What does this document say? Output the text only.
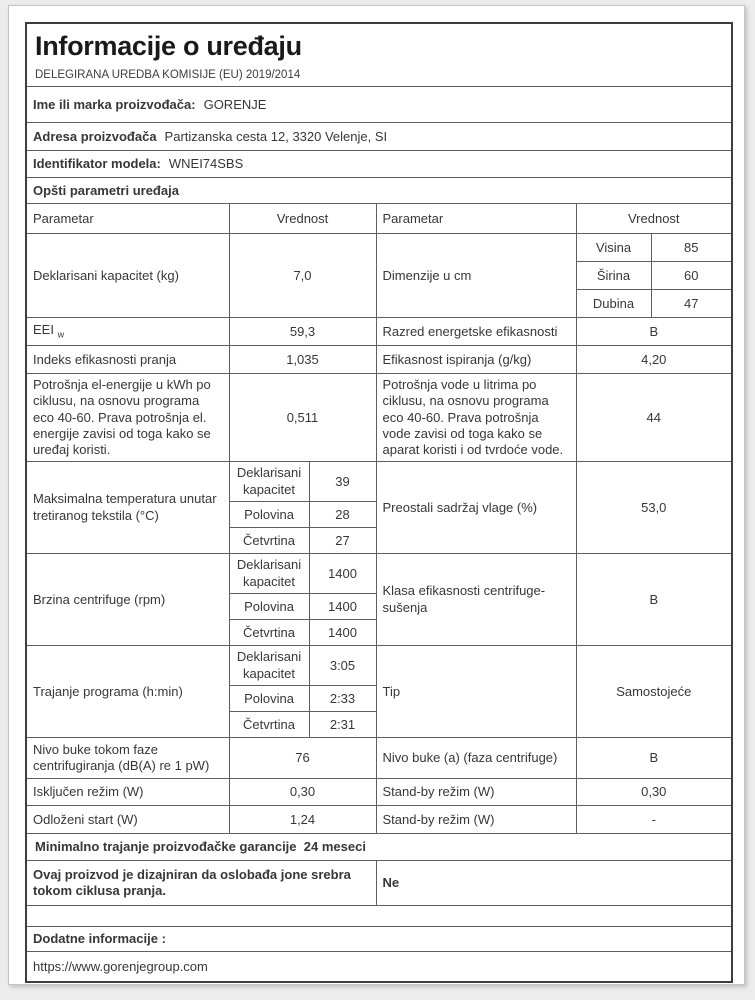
Informacije o uređaju
DELEGIRANA UREDBA KOMISIJE (EU) 2019/2014					

Ime ili marka proizvođača: GORENJE					
Adresa proizvođača Partizanska cesta 12, 3320 Velenje, SI					
Identifikator modela: WNEI74SBS					
Opšti parametri uređaja					
Parametar	Vrednost		Parametar	Vrednost	
Deklarisani kapacitet (kg)	7,0		Dimenzije u cm	Visina	85
				Širina	60
				Dubina	47
EEI $_w$	59,3		Razred energetske efikasnosti	B	
Indeks efikasnosti pranja	1,035		Efikasnost ispiranja (g/kg)	4,20	
Potrošnja el-energije u kWh po ciklusu, na osnovu programa eco 40-60. Prava potrošnja el. energije zavisi od toga kako se uređaj koristi.	0,511		Potrošnja vode u litrima po ciklusu, na osnovu programa eco 40-60. Prava potrošnja vode zavisi od toga kako se aparat koristi i od tvrdoće vode.	44	
Maksimalna temperatura unutar tretiranog tekstila (°C)	Deklarisani kapacitet	39	Preostali sadržaj vlage (%)	53,0	
	Polovina	28			
	Četvrtina	27			
Brzina centrifuge (rpm)	Deklarisani kapacitet	1400	Klasa efikasnosti centrifuge-sušenja	B	
	Polovina	1400			
	Četvrtina	1400			
Trajanje programa (h:min)	Deklarisani kapacitet	3:05	Tip	Samostojeće	
	Polovina	2:33			
	Četvrtina	2:31			
Nivo buke tokom faze centrifugiranja (dB(A) re 1 pW)	76		Nivo buke (a) (faza centrifuge)	B	
Isključen režim (W)	0,30		Stand-by režim (W)	0,30	
Odloženi start (W)	1,24		Stand-by režim (W)	-	
Minimalno trajanje proizvođačke garancije 24 meseci					
Ovaj proizvod je dizajniran da oslobađa jone srebra tokom ciklusa pranja.			Ne		

Dodatne informacije :					
https://www.gorenjegroup.com					
